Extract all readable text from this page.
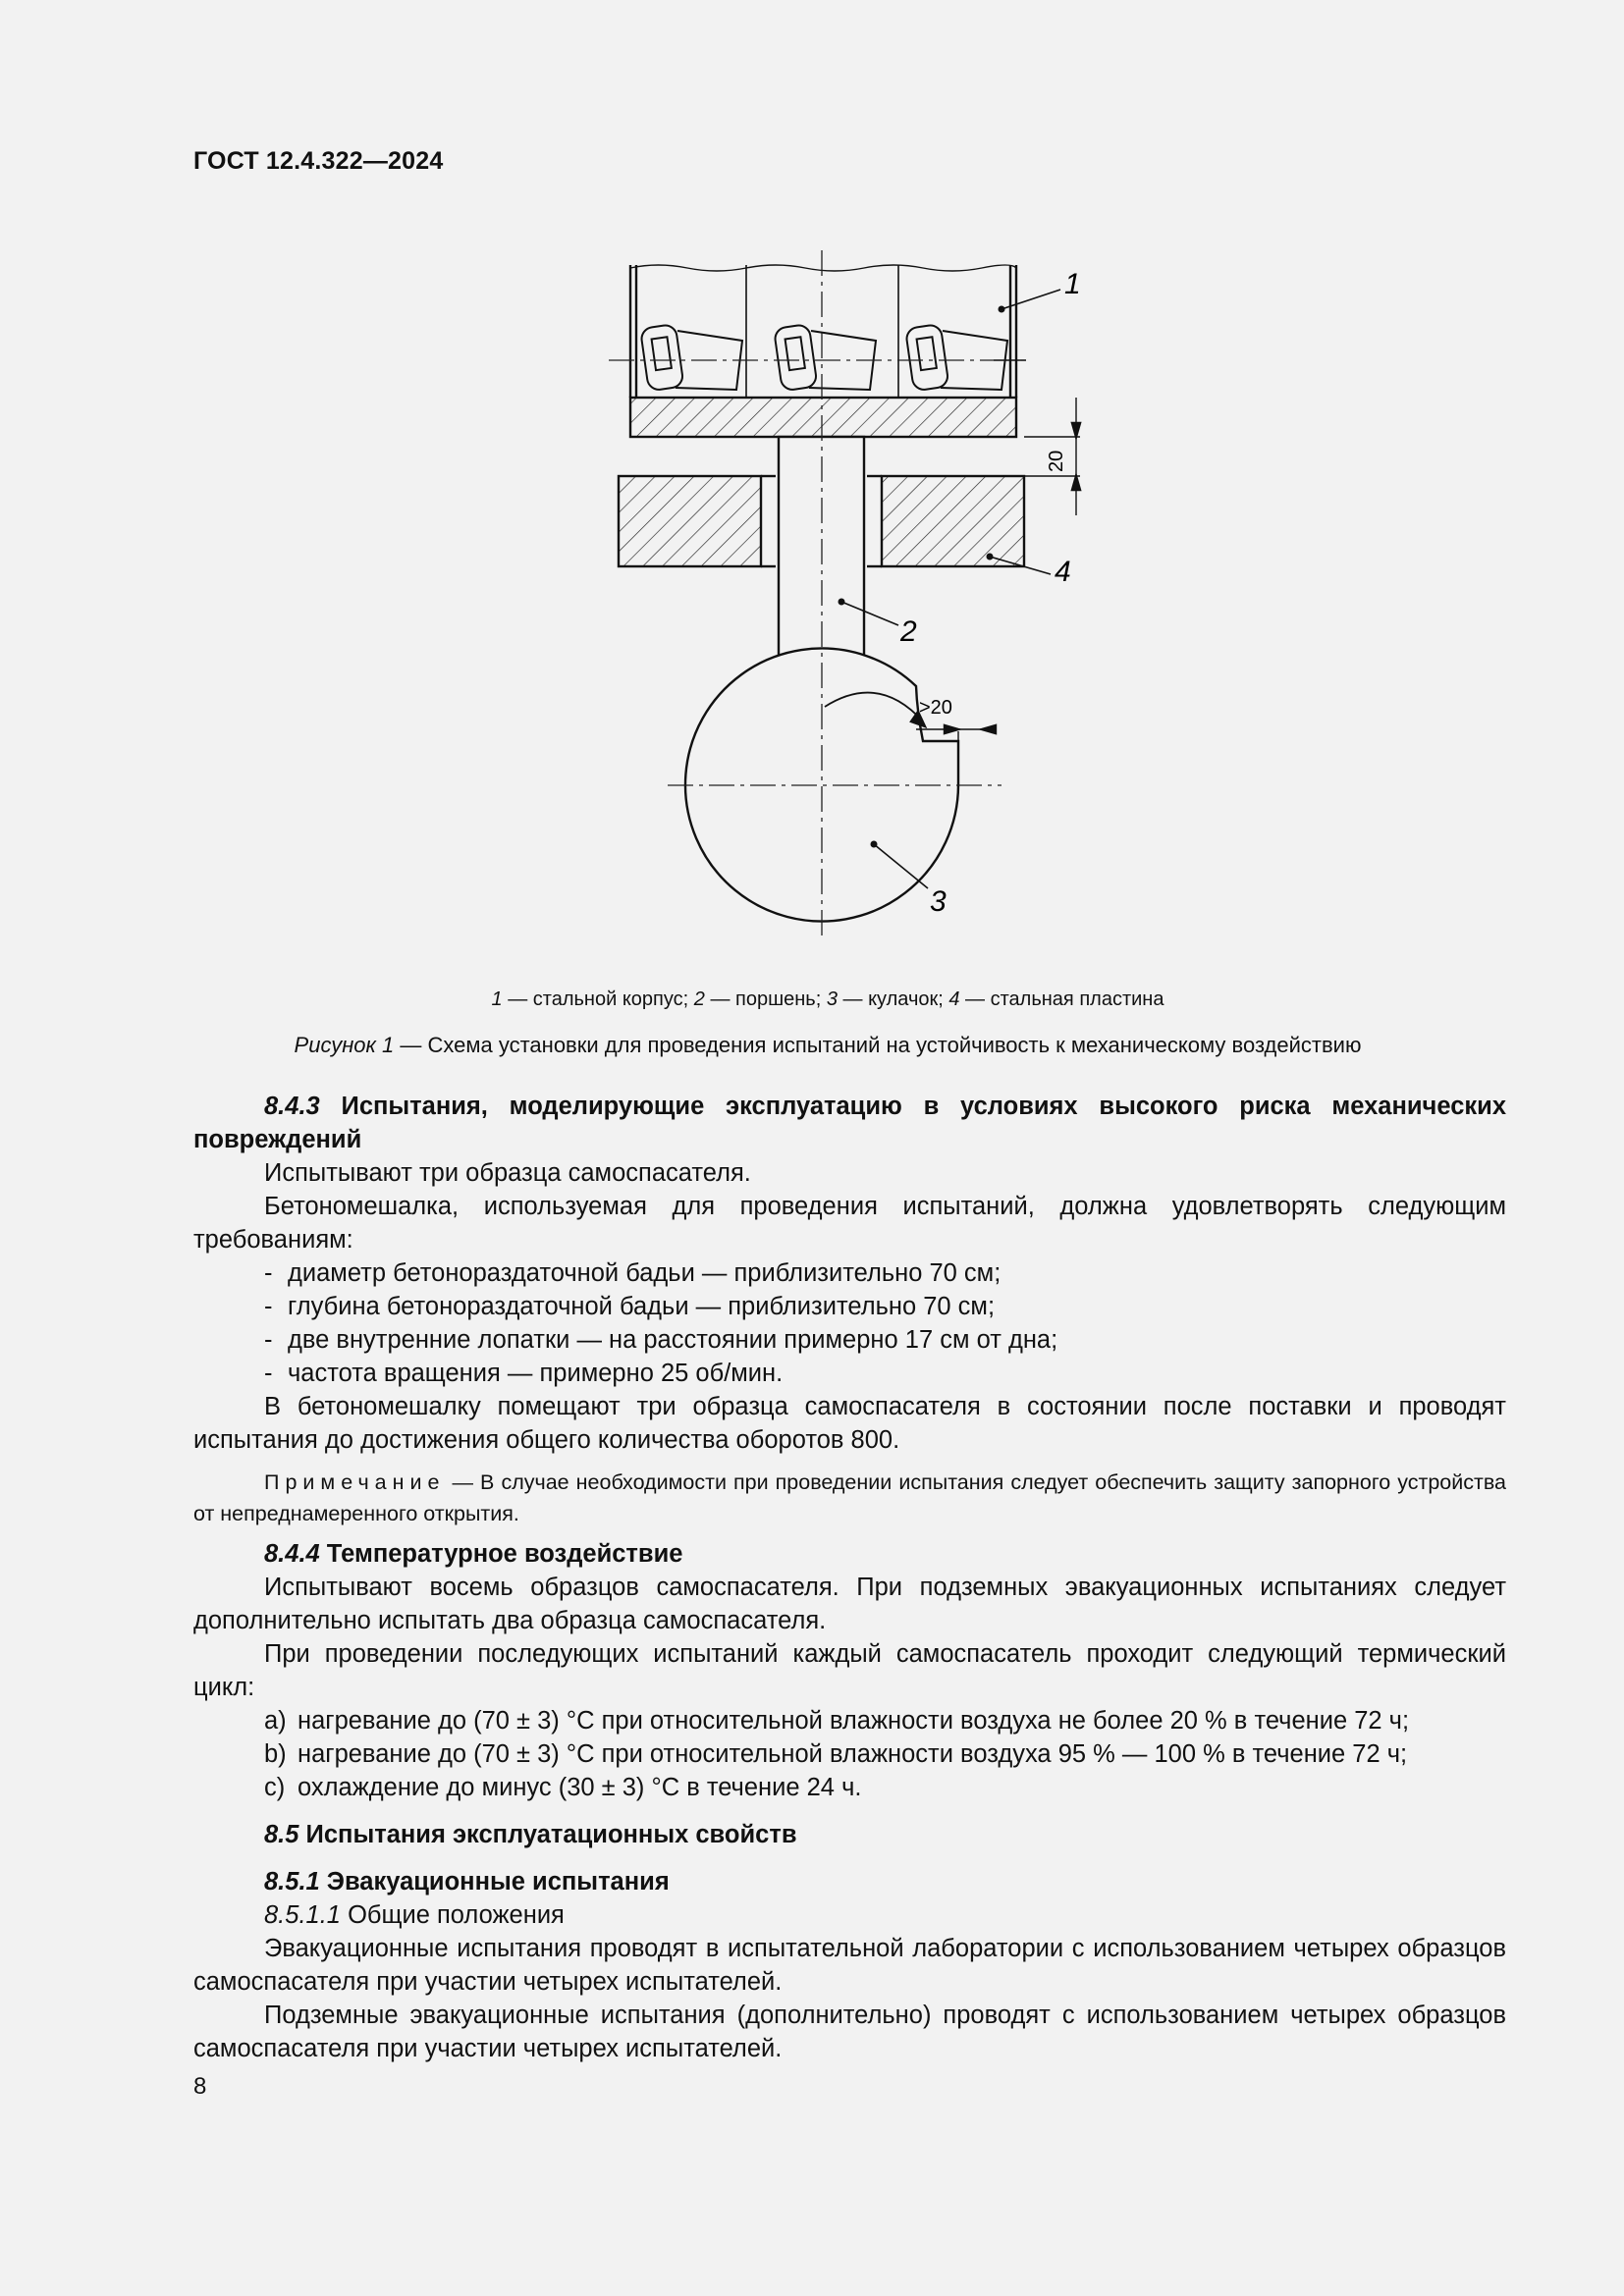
ГОСТ 12.4.322—2024
1
4
2
3
20
>20
1 — стальной корпус; 2 — поршень; 3 — кулачок; 4 — стальная пластина
Рисунок 1 — Схема установки для проведения испытаний на устойчивость к механическому воздействию

8.4.3 Испытания, моделирующие эксплуатацию в условиях высокого риска механических повреждений

Испытывают три образца самоспасателя.

Бетономешалка, используемая для проведения испытаний, должна удовлетворять следующим требованиям:

- диаметр бетонораздаточной бадьи — приблизительно 70 см;

- глубина бетонораздаточной бадьи — приблизительно 70 см;

- две внутренние лопатки — на расстоянии примерно 17 см от дна;

- частота вращения — примерно 25 об/мин.

В бетономешалку помещают три образца самоспасателя в состоянии после поставки и проводят испытания до достижения общего количества оборотов 800.

Примечание — В случае необходимости при проведении испытания следует обеспечить защиту запорного устройства от непреднамеренного открытия.

8.4.4 Температурное воздействие

Испытывают восемь образцов самоспасателя. При подземных эвакуационных испытаниях следует дополнительно испытать два образца самоспасателя.

При проведении последующих испытаний каждый самоспасатель проходит следующий термический цикл:

a) нагревание до (70 ± 3) °С при относительной влажности воздуха не более 20 % в течение 72 ч;

b) нагревание до (70 ± 3) °С при относительной влажности воздуха 95 % — 100 % в течение 72 ч;

c) охлаждение до минус (30 ± 3) °С в течение 24 ч.

8.5 Испытания эксплуатационных свойств

8.5.1 Эвакуационные испытания

8.5.1.1 Общие положения

Эвакуационные испытания проводят в испытательной лаборатории с использованием четырех образцов самоспасателя при участии четырех испытателей.

Подземные эвакуационные испытания (дополнительно) проводят с использованием четырех образцов самоспасателя при участии четырех испытателей.

8
